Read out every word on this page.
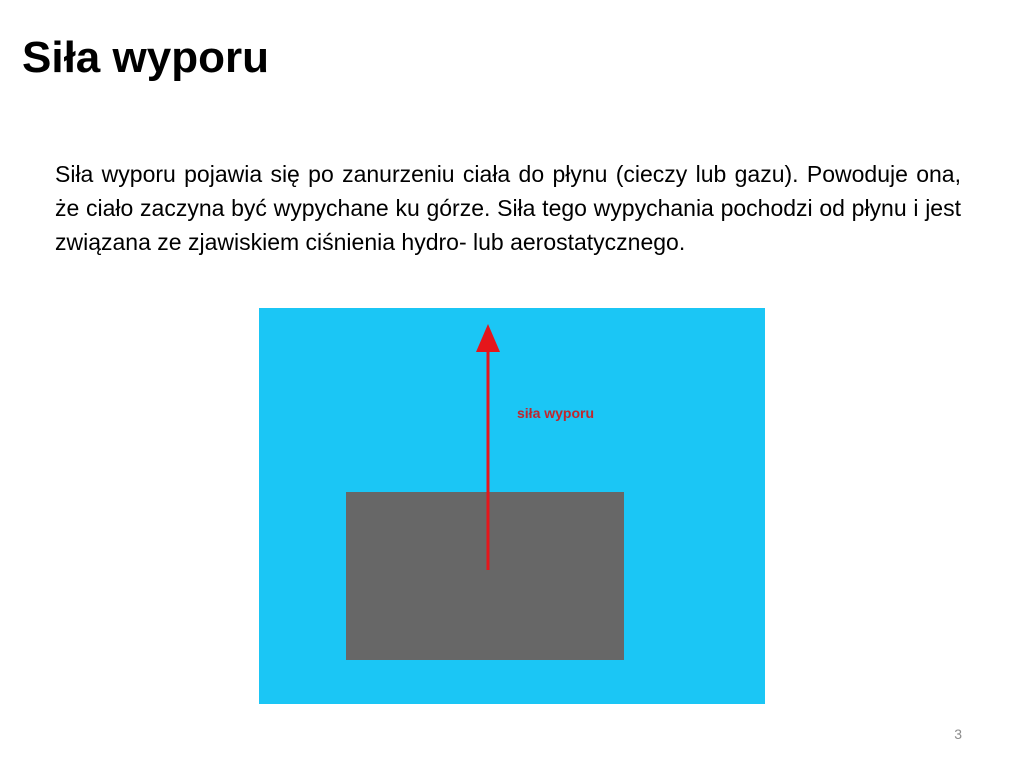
Siła wyporu
Siła wyporu pojawia się po zanurzeniu ciała do płynu (cieczy lub gazu). Powoduje ona, że ciało zaczyna być wypychane ku górze. Siła tego wypychania pochodzi od płynu i jest związana ze zjawiskiem ciśnienia hydro- lub aerostatycznego.
siła wyporu
3
